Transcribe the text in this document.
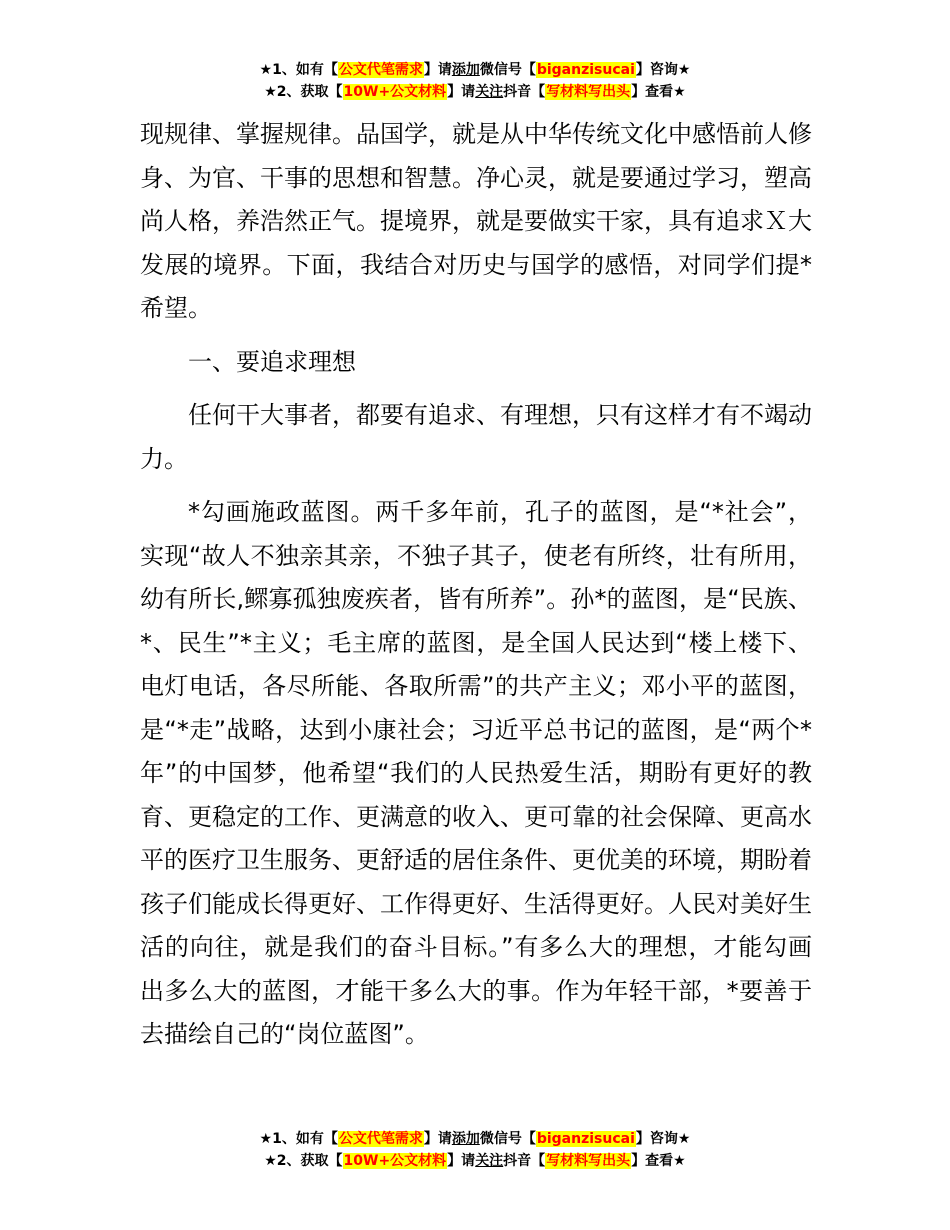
★1、如有【公文代笔需求】请添加微信号【biganzisucai】咨询★
★2、获取【10W+公文材料】请关注抖音【写材料写出头】查看★

现规律、掌握规律。品国学，就是从中华传统文化中感悟前人修身、为官、干事的思想和智慧。净心灵，就是要通过学习，塑高尚人格，养浩然正气。提境界，就是要做实干家，具有追求Ｘ大发展的境界。下面，我结合对历史与国学的感悟，对同学们提*希望。

一、要追求理想

任何干大事者，都要有追求、有理想，只有这样才有不竭动力。

*勾画施政蓝图。两千多年前，孔子的蓝图，是“*社会”，实现“故人不独亲其亲，不独子其子，使老有所终，壮有所用，幼有所长,鳏寡孤独废疾者，皆有所养”。孙*的蓝图，是“民族、*、民生”*主义；毛主席的蓝图，是全国人民达到“楼上楼下、电灯电话，各尽所能、各取所需”的共产主义；邓小平的蓝图，是“*走”战略，达到小康社会；习近平总书记的蓝图，是“两个*年”的中国梦，他希望“我们的人民热爱生活，期盼有更好的教育、更稳定的工作、更满意的收入、更可靠的社会保障、更高水平的医疗卫生服务、更舒适的居住条件、更优美的环境，期盼着孩子们能成长得更好、工作得更好、生活得更好。人民对美好生活的向往，就是我们的奋斗目标。”有多么大的理想，才能勾画出多么大的蓝图，才能干多么大的事。作为年轻干部，*要善于去描绘自己的“岗位蓝图”。

★1、如有【公文代笔需求】请添加微信号【biganzisucai】咨询★
★2、获取【10W+公文材料】请关注抖音【写材料写出头】查看★
